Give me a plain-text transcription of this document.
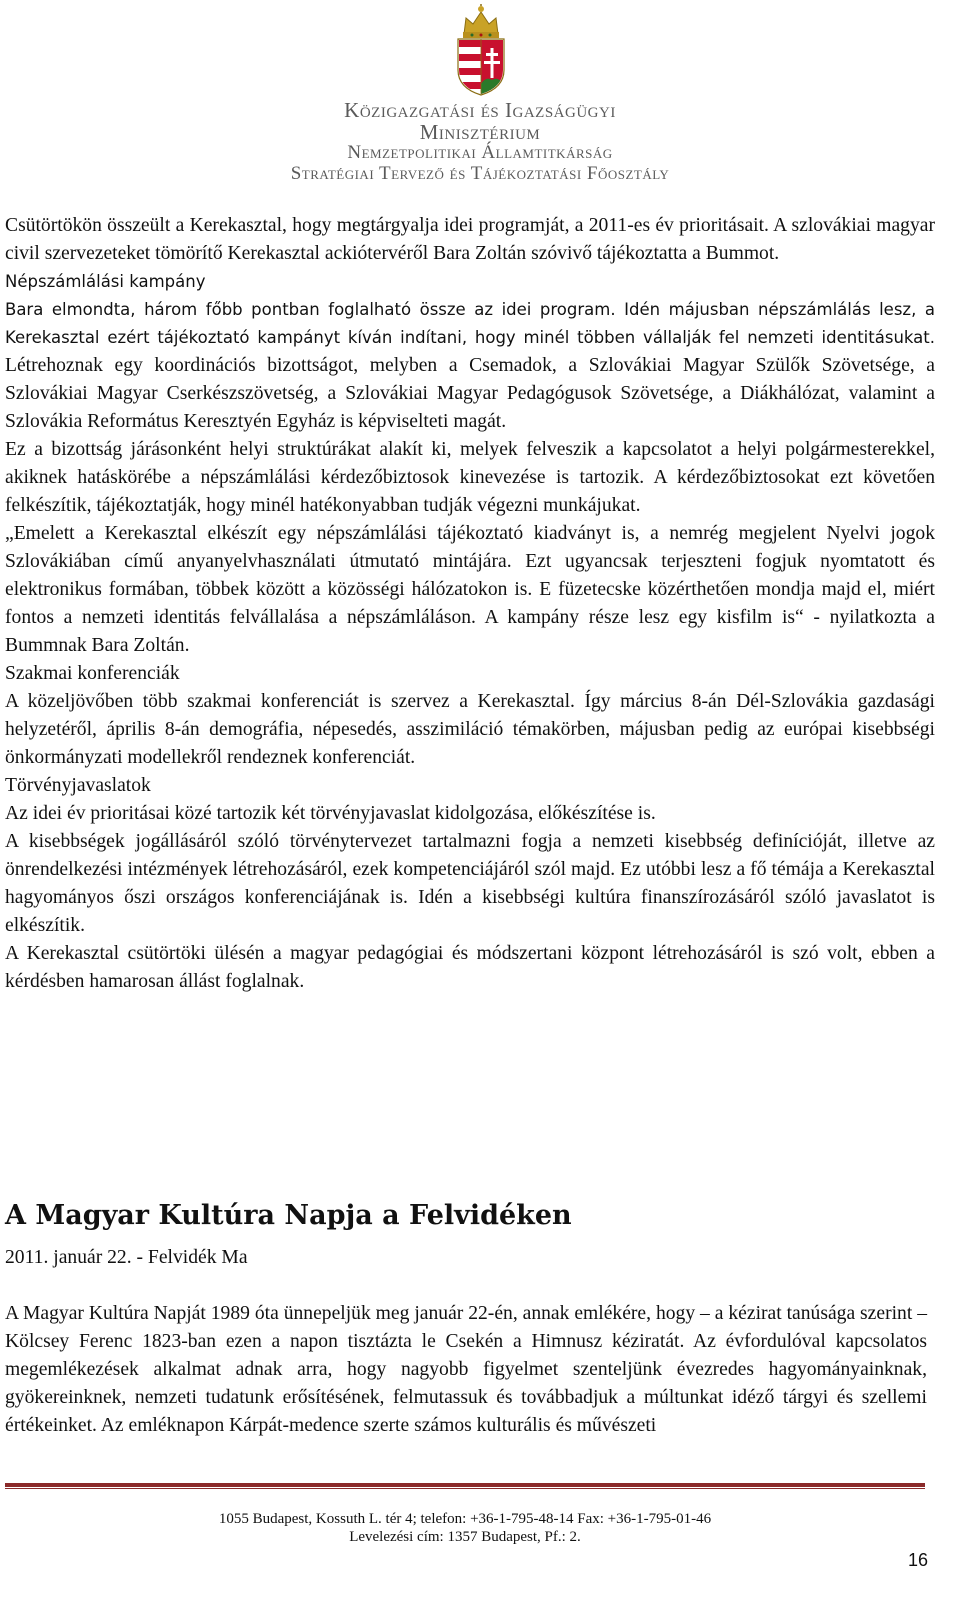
Közigazgatási és Igazságügyi
Minisztérium
Nemzetpolitikai Államtitkárság
Stratégiai Tervező és Tájékoztatási Főosztály

Csütörtökön összeült a Kerekasztal, hogy megtárgyalja idei programját, a 2011-es év prioritásait. A szlovákiai magyar civil szervezeteket tömörítő Kerekasztal ackiótervéről Bara Zoltán szóvivő tájékoztatta a Bummot.

Népszámlálási kampány

Bara elmondta, három főbb pontban foglalható össze az idei program. Idén májusban népszámlálás lesz, a Kerekasztal ezért tájékoztató kampányt kíván indítani, hogy minél többen vállalják fel nemzeti identitásukat. Létrehoznak egy koordinációs bizottságot, melyben a Csemadok, a Szlovákiai Magyar Szülők Szövetsége, a Szlovákiai Magyar Cserkészszövetség, a Szlovákiai Magyar Pedagógusok Szövetsége, a Diákhálózat, valamint a Szlovákia Református Keresztyén Egyház is képviselteti magát.

Ez a bizottság járásonként helyi struktúrákat alakít ki, melyek felveszik a kapcsolatot a helyi polgármesterekkel, akiknek hatáskörébe a népszámlálási kérdezőbiztosok kinevezése is tartozik. A kérdezőbiztosokat ezt követően felkészítik, tájékoztatják, hogy minél hatékonyabban tudják végezni munkájukat.

„Emelett a Kerekasztal elkészít egy népszámlálási tájékoztató kiadványt is, a nemrég megjelent Nyelvi jogok Szlovákiában című anyanyelvhasználati útmutató mintájára. Ezt ugyancsak terjeszteni fogjuk nyomtatott és elektronikus formában, többek között a közösségi hálózatokon is. E füzetecske közérthetően mondja majd el, miért fontos a nemzeti identitás felvállalása a népszámláláson. A kampány része lesz egy kisfilm is“ - nyilatkozta a Bummnak Bara Zoltán.

Szakmai konferenciák

A közeljövőben több szakmai konferenciát is szervez a Kerekasztal. Így március 8-án Dél-Szlovákia gazdasági helyzetéről, április 8-án demográfia, népesedés, asszimiláció témakörben, májusban pedig az európai kisebbségi önkormányzati modellekről rendeznek konferenciát.

Törvényjavaslatok

Az idei év prioritásai közé tartozik két törvényjavaslat kidolgozása, előkészítése is.

A kisebbségek jogállásáról szóló törvénytervezet tartalmazni fogja a nemzeti kisebbség definícióját, illetve az önrendelkezési intézmények létrehozásáról, ezek kompetenciájáról szól majd. Ez utóbbi lesz a fő témája a Kerekasztal hagyományos őszi országos konferenciájának is. Idén a kisebbségi kultúra finanszírozásáról szóló javaslatot is elkészítik.

A Kerekasztal csütörtöki ülésén a magyar pedagógiai és módszertani központ létrehozásáról is szó volt, ebben a kérdésben hamarosan állást foglalnak.

A Magyar Kultúra Napja a Felvidéken
2011. január 22. - Felvidék Ma

A Magyar Kultúra Napját 1989 óta ünnepeljük meg január 22-én, annak emlékére, hogy – a kézirat tanúsága szerint – Kölcsey Ferenc 1823-ban ezen a napon tisztázta le Csekén a Himnusz kéziratát. Az évfordulóval kapcsolatos megemlékezések alkalmat adnak arra, hogy nagyobb figyelmet szenteljünk évezredes hagyományainknak, gyökereinknek, nemzeti tudatunk erősítésének, felmutassuk és továbbadjuk a múltunkat idéző tárgyi és szellemi értékeinket. Az emléknapon Kárpát-medence szerte számos kulturális és művészeti

1055 Budapest, Kossuth L. tér 4; telefon: +36-1-795-48-14 Fax: +36-1-795-01-46
Levelezési cím: 1357 Budapest, Pf.: 2.
16
